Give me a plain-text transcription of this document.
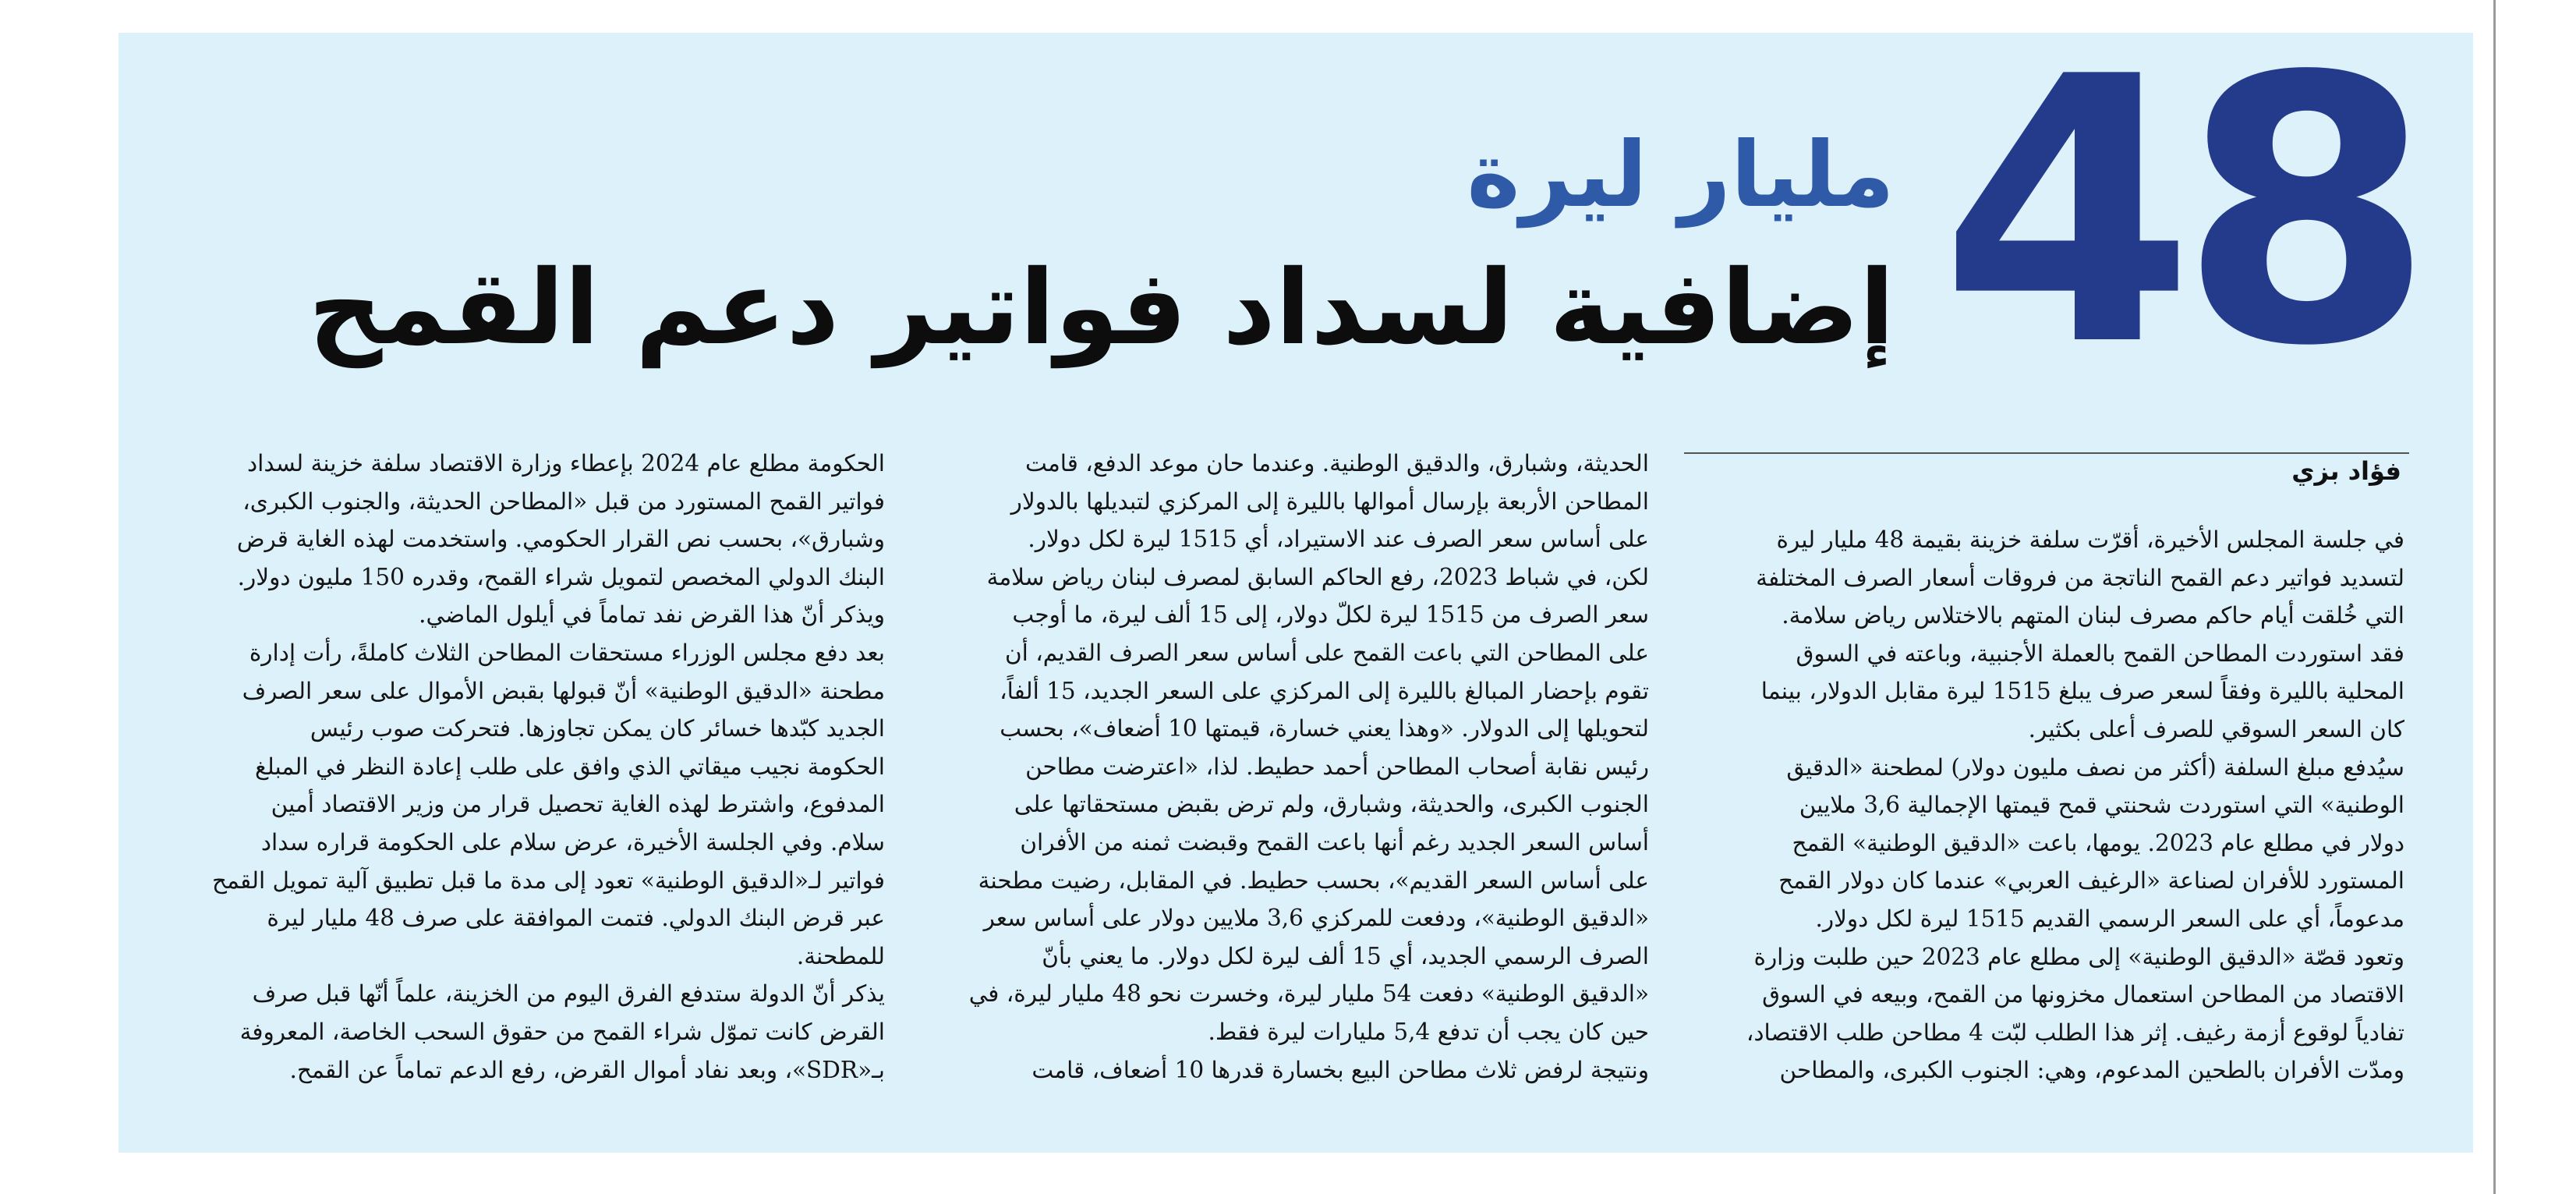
48
مليار ليرة
إضافية لسداد فواتير دعم القمح
فؤاد بزي
في جلسة المجلس الأخيرة، أقرّت سلفة خزينة بقيمة 48 مليار ليرة
لتسديد فواتير دعم القمح الناتجة من فروقات أسعار الصرف المختلفة
التي خُلقت أيام حاكم مصرف لبنان المتهم بالاختلاس رياض سلامة.
فقد استوردت المطاحن القمح بالعملة الأجنبية، وباعته في السوق
المحلية بالليرة وفقاً لسعر صرف يبلغ 1515 ليرة مقابل الدولار، بينما
كان السعر السوقي للصرف أعلى بكثير.
سيُدفع مبلغ السلفة (أكثر من نصف مليون دولار) لمطحنة «الدقيق
الوطنية» التي استوردت شحنتي قمح قيمتها الإجمالية 3,6 ملايين
دولار في مطلع عام 2023. يومها، باعت «الدقيق الوطنية» القمح
المستورد للأفران لصناعة «الرغيف العربي» عندما كان دولار القمح
مدعوماً، أي على السعر الرسمي القديم 1515 ليرة لكل دولار.
وتعود قصّة «الدقيق الوطنية» إلى مطلع عام 2023 حين طلبت وزارة
الاقتصاد من المطاحن استعمال مخزونها من القمح، وبيعه في السوق
تفادياً لوقوع أزمة رغيف. إثر هذا الطلب لبّت 4 مطاحن طلب الاقتصاد،
ومدّت الأفران بالطحين المدعوم، وهي: الجنوب الكبرى، والمطاحن
الحديثة، وشبارق، والدقيق الوطنية. وعندما حان موعد الدفع، قامت
المطاحن الأربعة بإرسال أموالها بالليرة إلى المركزي لتبديلها بالدولار
على أساس سعر الصرف عند الاستيراد، أي 1515 ليرة لكل دولار.
لكن، في شباط 2023، رفع الحاكم السابق لمصرف لبنان رياض سلامة
سعر الصرف من 1515 ليرة لكلّ دولار، إلى 15 ألف ليرة، ما أوجب
على المطاحن التي باعت القمح على أساس سعر الصرف القديم، أن
تقوم بإحضار المبالغ بالليرة إلى المركزي على السعر الجديد، 15 ألفاً،
لتحويلها إلى الدولار. «وهذا يعني خسارة، قيمتها 10 أضعاف»، بحسب
رئيس نقابة أصحاب المطاحن أحمد حطيط. لذا، «اعترضت مطاحن
الجنوب الكبرى، والحديثة، وشبارق، ولم ترض بقبض مستحقاتها على
أساس السعر الجديد رغم أنها باعت القمح وقبضت ثمنه من الأفران
على أساس السعر القديم»، بحسب حطيط. في المقابل، رضيت مطحنة
«الدقيق الوطنية»، ودفعت للمركزي 3,6 ملايين دولار على أساس سعر
الصرف الرسمي الجديد، أي 15 ألف ليرة لكل دولار. ما يعني بأنّ
«الدقيق الوطنية» دفعت 54 مليار ليرة، وخسرت نحو 48 مليار ليرة، في
حين كان يجب أن تدفع 5,4 مليارات ليرة فقط.
ونتيجة لرفض ثلاث مطاحن البيع بخسارة قدرها 10 أضعاف، قامت
الحكومة مطلع عام 2024 بإعطاء وزارة الاقتصاد سلفة خزينة لسداد
فواتير القمح المستورد من قبل «المطاحن الحديثة، والجنوب الكبرى،
وشبارق»، بحسب نص القرار الحكومي. واستخدمت لهذه الغاية قرض
البنك الدولي المخصص لتمويل شراء القمح، وقدره 150 مليون دولار.
ويذكر أنّ هذا القرض نفد تماماً في أيلول الماضي.
بعد دفع مجلس الوزراء مستحقات المطاحن الثلاث كاملةً، رأت إدارة
مطحنة «الدقيق الوطنية» أنّ قبولها بقبض الأموال على سعر الصرف
الجديد كبّدها خسائر كان يمكن تجاوزها. فتحركت صوب رئيس
الحكومة نجيب ميقاتي الذي وافق على طلب إعادة النظر في المبلغ
المدفوع، واشترط لهذه الغاية تحصيل قرار من وزير الاقتصاد أمين
سلام. وفي الجلسة الأخيرة، عرض سلام على الحكومة قراره سداد
فواتير لـ«الدقيق الوطنية» تعود إلى مدة ما قبل تطبيق آلية تمويل القمح
عبر قرض البنك الدولي. فتمت الموافقة على صرف 48 مليار ليرة
للمطحنة.
يذكر أنّ الدولة ستدفع الفرق اليوم من الخزينة، علماً أنّها قبل صرف
القرض كانت تموّل شراء القمح من حقوق السحب الخاصة، المعروفة
بـ«SDR»، وبعد نفاد أموال القرض، رفع الدعم تماماً عن القمح.
